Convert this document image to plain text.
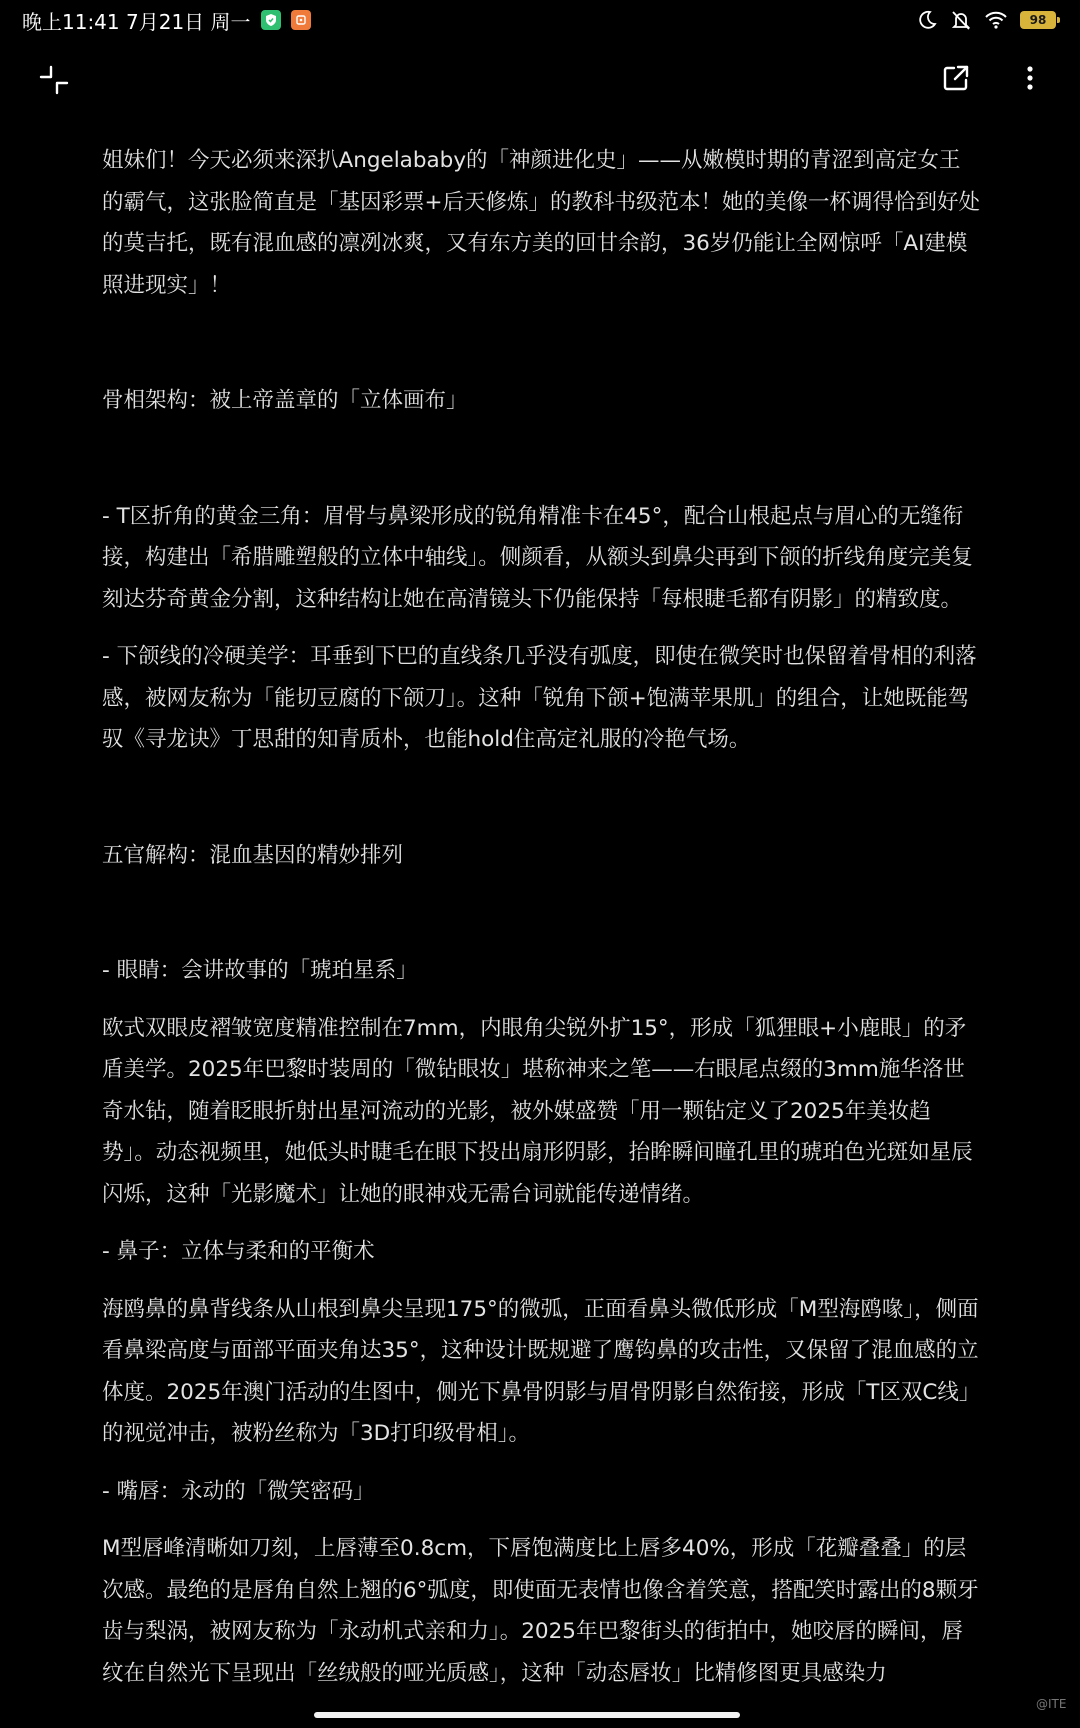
晚上11:41 7月21日 周一	98

姐妹们！今天必须来深扒Angelababy的「神颜进化史」——从嫩模时期的青涩到高定女王的霸气，这张脸简直是「基因彩票+后天修炼」的教科书级范本！她的美像一杯调得恰到好处的莫吉托，既有混血感的凛冽冰爽，又有东方美的回甘余韵，36岁仍能让全网惊呼「AI建模照进现实」！

骨相架构：被上帝盖章的「立体画布」

- T区折角的黄金三角：眉骨与鼻梁形成的锐角精准卡在45°，配合山根起点与眉心的无缝衔接，构建出「希腊雕塑般的立体中轴线」。侧颜看，从额头到鼻尖再到下颌的折线角度完美复刻达芬奇黄金分割，这种结构让她在高清镜头下仍能保持「每根睫毛都有阴影」的精致度。

- 下颌线的冷硬美学：耳垂到下巴的直线条几乎没有弧度，即使在微笑时也保留着骨相的利落感，被网友称为「能切豆腐的下颌刀」。这种「锐角下颌+饱满苹果肌」的组合，让她既能驾驭《寻龙诀》丁思甜的知青质朴，也能hold住高定礼服的冷艳气场。

五官解构：混血基因的精妙排列

- 眼睛：会讲故事的「琥珀星系」

欧式双眼皮褶皱宽度精准控制在7mm，内眼角尖锐外扩15°，形成「狐狸眼+小鹿眼」的矛盾美学。2025年巴黎时装周的「微钻眼妆」堪称神来之笔——右眼尾点缀的3mm施华洛世奇水钻，随着眨眼折射出星河流动的光影，被外媒盛赞「用一颗钻定义了2025年美妆趋势」。动态视频里，她低头时睫毛在眼下投出扇形阴影，抬眸瞬间瞳孔里的琥珀色光斑如星辰闪烁，这种「光影魔术」让她的眼神戏无需台词就能传递情绪。

- 鼻子：立体与柔和的平衡术

海鸥鼻的鼻背线条从山根到鼻尖呈现175°的微弧，正面看鼻头微低形成「M型海鸥喙」，侧面看鼻梁高度与面部平面夹角达35°，这种设计既规避了鹰钩鼻的攻击性，又保留了混血感的立体度。2025年澳门活动的生图中，侧光下鼻骨阴影与眉骨阴影自然衔接，形成「T区双C线」的视觉冲击，被粉丝称为「3D打印级骨相」。

- 嘴唇：永动的「微笑密码」

M型唇峰清晰如刀刻，上唇薄至0.8cm，下唇饱满度比上唇多40%，形成「花瓣叠叠」的层次感。最绝的是唇角自然上翘的6°弧度，即使面无表情也像含着笑意，搭配笑时露出的8颗牙齿与梨涡，被网友称为「永动机式亲和力」。2025年巴黎街头的街拍中，她咬唇的瞬间，唇纹在自然光下呈现出「丝绒般的哑光质感」，这种「动态唇妆」比精修图更具感染力

@ITE
